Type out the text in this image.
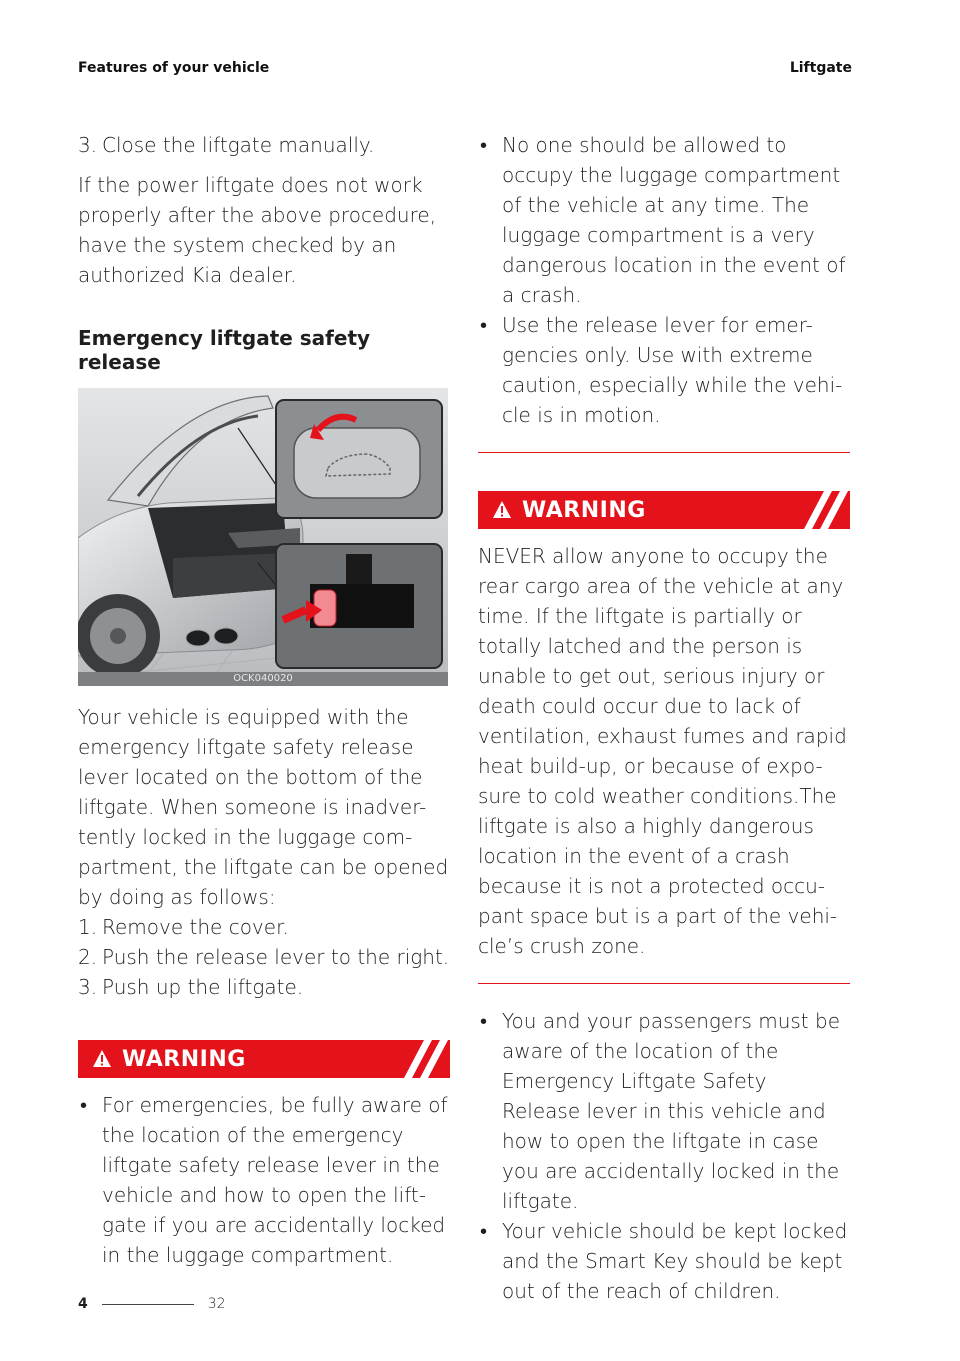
Features of your vehicle	Liftgate
3. Close the liftgate manually.
If the power liftgate does not work properly after the above procedure, have the system checked by an authorized Kia dealer.
Emergency liftgate safety release
OCK040020
Your vehicle is equipped with the emergency liftgate safety release lever located on the bottom of the liftgate. When someone is inadver-tently locked in the luggage com-partment, the liftgate can be opened by doing as follows:
1. Remove the cover.
2. Push the release lever to the right.
3. Push up the liftgate.
WARNING
• For emergencies, be fully aware of the location of the emergency liftgate safety release lever in the vehicle and how to open the lift-gate if you are accidentally locked in the luggage compartment.
• No one should be allowed to occupy the luggage compartment of the vehicle at any time. The luggage compartment is a very dangerous location in the event of a crash.
• Use the release lever for emer-gencies only. Use with extreme caution, especially while the vehi-cle is in motion.
WARNING
NEVER allow anyone to occupy the rear cargo area of the vehicle at any time. If the liftgate is partially or totally latched and the person is unable to get out, serious injury or death could occur due to lack of ventilation, exhaust fumes and rapid heat build-up, or because of expo-sure to cold weather conditions.The liftgate is also a highly dangerous location in the event of a crash because it is not a protected occu-pant space but is a part of the vehi-cle’s crush zone.
• You and your passengers must be aware of the location of the Emergency Liftgate Safety Release lever in this vehicle and how to open the liftgate in case you are accidentally locked in the liftgate.
• Your vehicle should be kept locked and the Smart Key should be kept out of the reach of children.
4	32
